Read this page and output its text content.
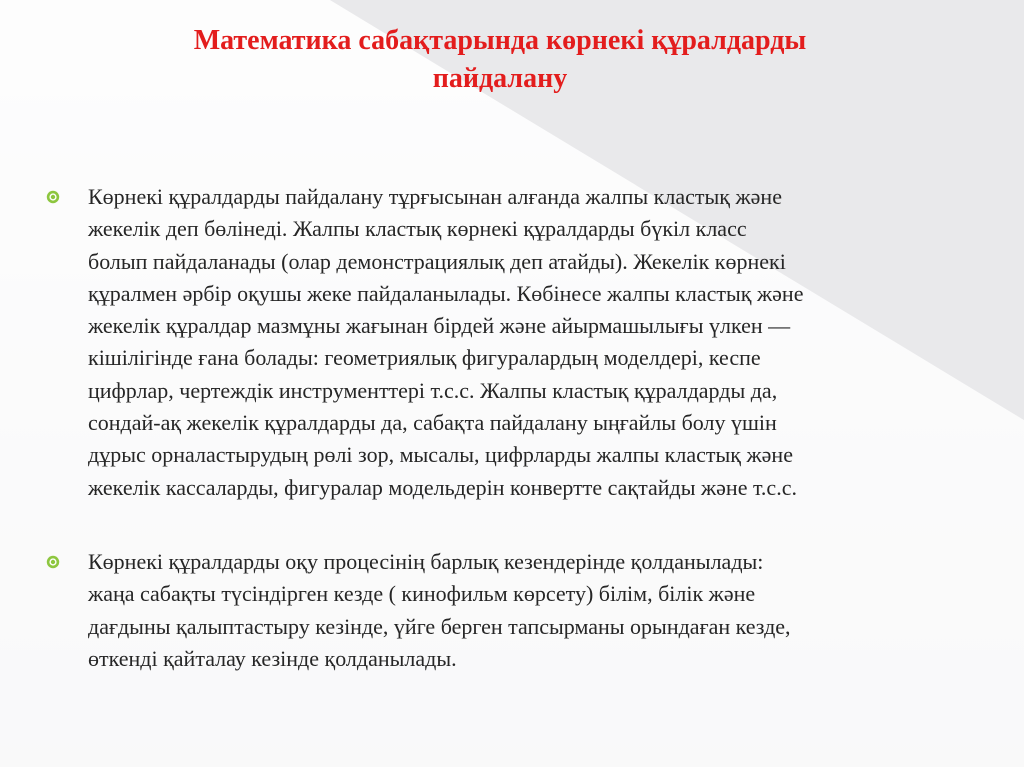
Математика сабақтарында көрнекі құралдарды
пайдалану
Көрнекі құралдарды пайдалану тұрғысынан алғанда жалпы кластық және
жекелік деп бөлінеді. Жалпы кластық көрнекі құралдарды бүкіл класс
болып пайдаланады (олар демонстрациялық деп атайды). Жекелік көрнекі
құралмен әрбір оқушы жеке пайдаланылады. Көбінесе жалпы кластық және
жекелік құралдар мазмұны жағынан бірдей және айырмашылығы үлкен —
кішілігінде ғана болады: геометриялық фигуралардың моделдері, кеспе
цифрлар, чертеждік инструменттері т.с.с. Жалпы кластық құралдарды да,
сондай-ақ жекелік құралдарды да, сабақта пайдалану ыңғайлы болу үшін
дұрыс орналастырудың рөлі зор, мысалы, цифрларды жалпы кластық және
жекелік кассаларды, фигуралар модельдерін конвертте сақтайды және т.с.с.
Көрнекі құралдарды оқу процесінің барлық кезендерінде қолданылады:
жаңа сабақты түсіндірген кезде ( кинофильм көрсету) білім, білік және
дағдыны қалыптастыру кезінде, үйге берген тапсырманы орындаған кезде,
өткенді қайталау кезінде қолданылады.
